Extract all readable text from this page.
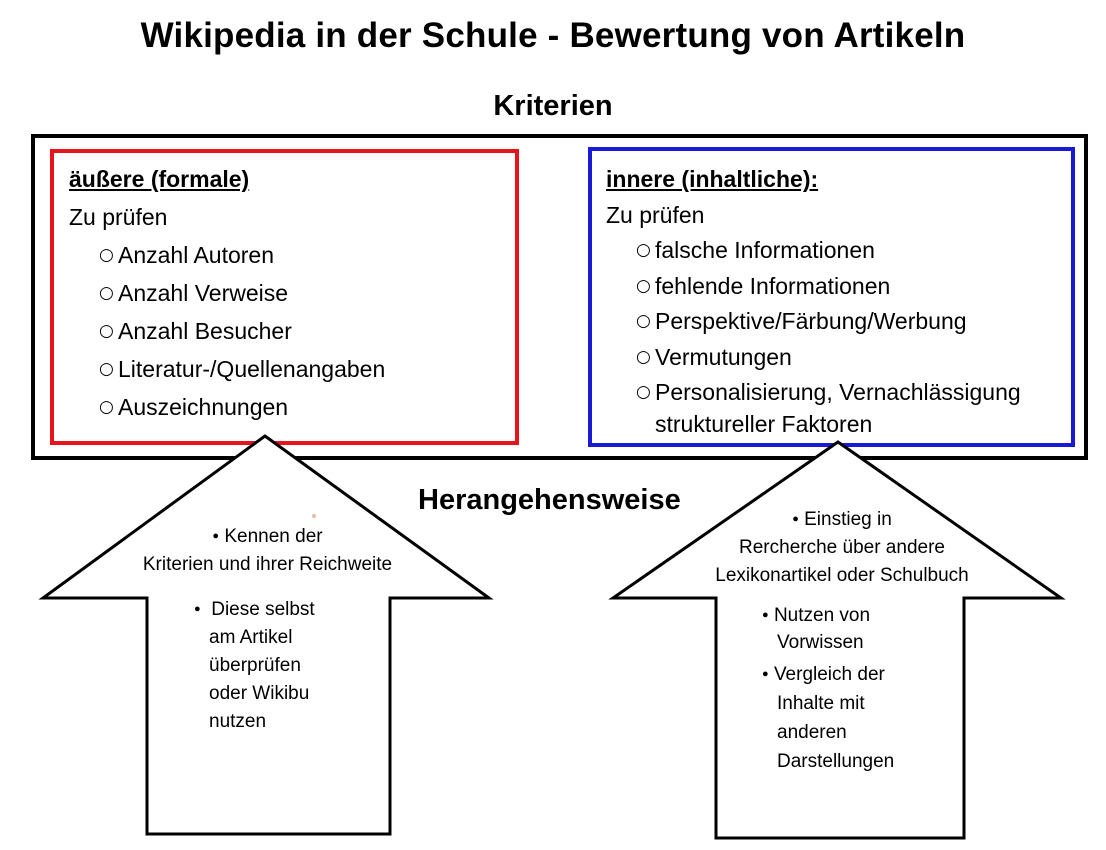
Wikipedia in der Schule - Bewertung von Artikeln
Kriterien
Herangehensweise
äußere (formale)
Zu prüfen
○ Anzahl Autoren
○ Anzahl Verweise
○ Anzahl Besucher
○ Literatur-/Quellenangaben
○ Auszeichnungen
innere (inhaltliche):
Zu prüfen
○ falsche Informationen
○ fehlende Informationen
○ Perspektive/Färbung/Werbung
○ Vermutungen
○ Personalisierung, Vernachlässigung
struktureller Faktoren
● Kennen der
Kriterien und ihrer Reichweite
● Diese selbst
am Artikel
überprüfen
oder Wikibu
nutzen
● Einstieg in
Rercherche über andere
Lexikonartikel oder Schulbuch
● Nutzen von
Vorwissen
● Vergleich der
Inhalte mit
anderen
Darstellungen
